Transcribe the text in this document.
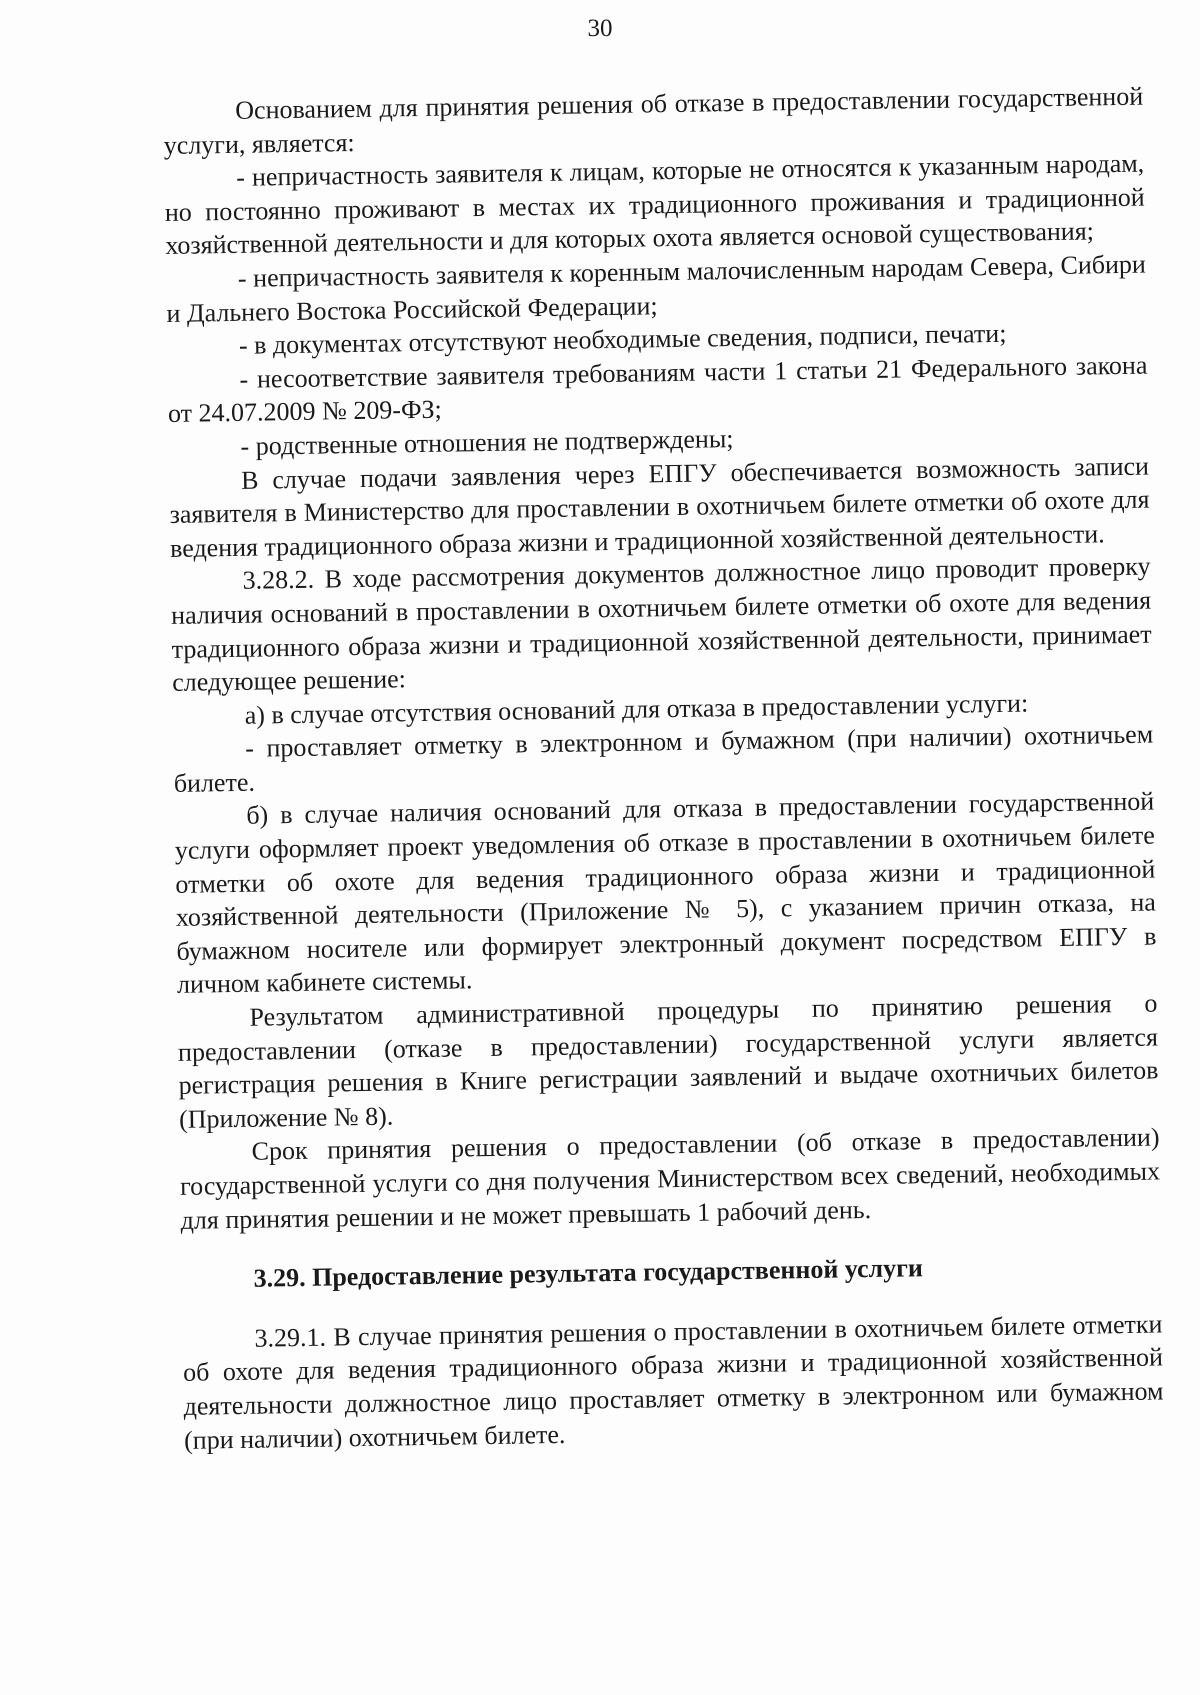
30

Основанием для принятия решения об отказе в предоставлении государственной услуги, является:

- непричастность заявителя к лицам, которые не относятся к указанным народам, но постоянно проживают в местах их традиционного проживания и традиционной хозяйственной деятельности и для которых охота является основой существования;

- непричастность заявителя к коренным малочисленным народам Севера, Сибири и Дальнего Востока Российской Федерации;

- в документах отсутствуют необходимые сведения, подписи, печати;

- несоответствие заявителя требованиям части 1 статьи 21 Федерального закона от 24.07.2009 № 209-ФЗ;

- родственные отношения не подтверждены;

В случае подачи заявления через ЕПГУ обеспечивается возможность записи заявителя в Министерство для проставлении в охотничьем билете отметки об охоте для ведения традиционного образа жизни и традиционной хозяйственной деятельности.

3.28.2. В ходе рассмотрения документов должностное лицо проводит проверку наличия оснований в проставлении в охотничьем билете отметки об охоте для ведения традиционного образа жизни и традиционной хозяйственной деятельности, принимает следующее решение:

а) в случае отсутствия оснований для отказа в предоставлении услуги:

- проставляет отметку в электронном и бумажном (при наличии) охотничьем билете.

б) в случае наличия оснований для отказа в предоставлении государственной услуги оформляет проект уведомления об отказе в проставлении в охотничьем билете отметки об охоте для ведения традиционного образа жизни и традиционной хозяйственной деятельности (Приложение № 5), с указанием причин отказа, на бумажном носителе или формирует электронный документ посредством ЕПГУ в личном кабинете системы.

Результатом административной процедуры по принятию решения о предоставлении (отказе в предоставлении) государственной услуги является регистрация решения в Книге регистрации заявлений и выдаче охотничьих билетов (Приложение № 8).

Срок принятия решения о предоставлении (об отказе в предоставлении) государственной услуги со дня получения Министерством всех сведений, необходимых для принятия решении и не может превышать 1 рабочий день.

3.29. Предоставление результата государственной услуги

3.29.1. В случае принятия решения о проставлении в охотничьем билете отметки об охоте для ведения традиционного образа жизни и традиционной хозяйственной деятельности должностное лицо проставляет отметку в электронном или бумажном (при наличии) охотничьем билете.
